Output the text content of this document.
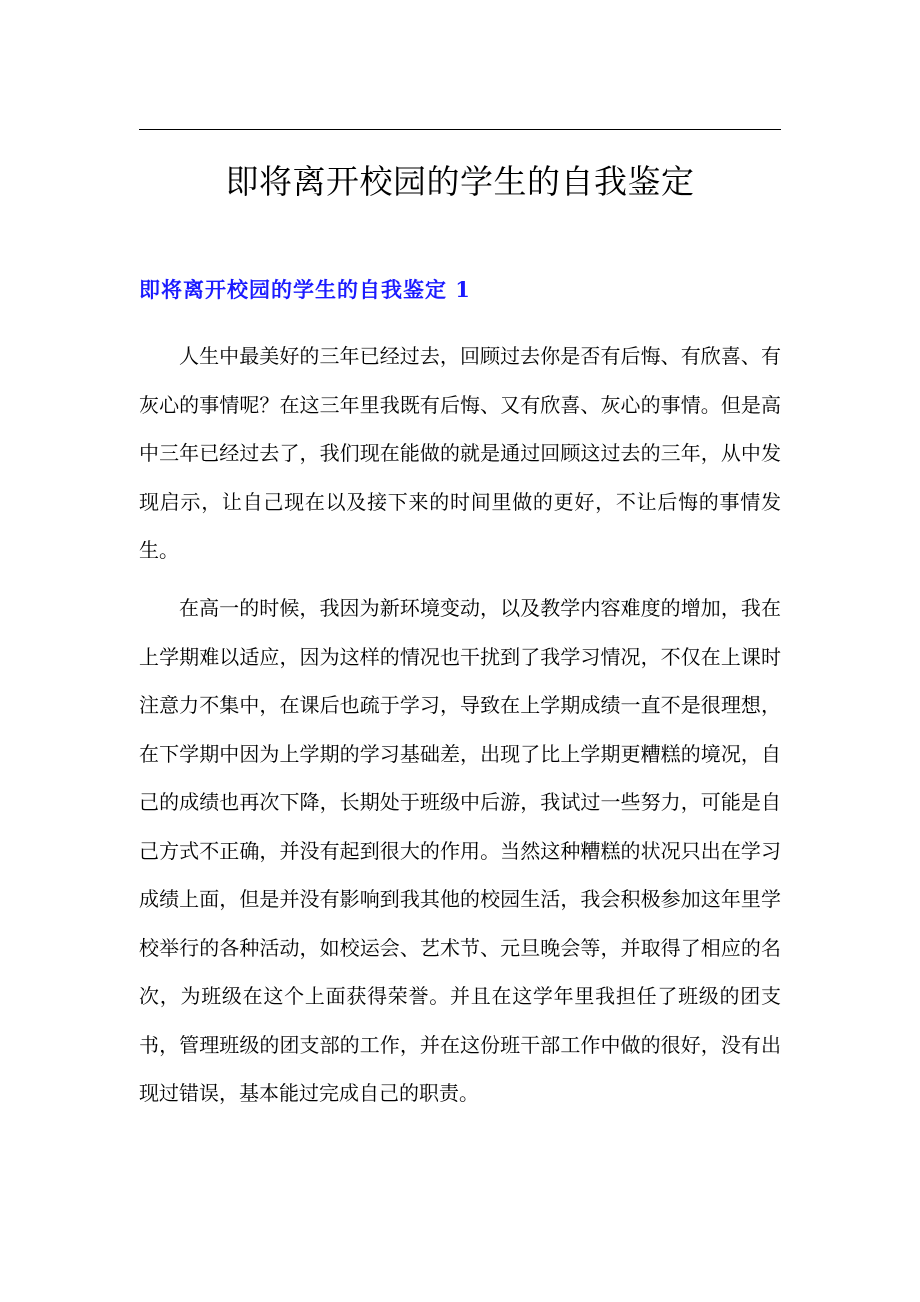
即将离开校园的学生的自我鉴定
即将离开校园的学生的自我鉴定 1

人生中最美好的三年已经过去，回顾过去你是否有后悔、有欣喜、有灰心的事情呢？在这三年里我既有后悔、又有欣喜、灰心的事情。但是高中三年已经过去了，我们现在能做的就是通过回顾这过去的三年，从中发现启示，让自己现在以及接下来的时间里做的更好，不让后悔的事情发生。

在高一的时候，我因为新环境变动，以及教学内容难度的增加，我在上学期难以适应，因为这样的情况也干扰到了我学习情况，不仅在上课时注意力不集中，在课后也疏于学习，导致在上学期成绩一直不是很理想，在下学期中因为上学期的学习基础差，出现了比上学期更糟糕的境况，自己的成绩也再次下降，长期处于班级中后游，我试过一些努力，可能是自己方式不正确，并没有起到很大的作用。当然这种糟糕的状况只出在学习成绩上面，但是并没有影响到我其他的校园生活，我会积极参加这年里学校举行的各种活动，如校运会、艺术节、元旦晚会等，并取得了相应的名次，为班级在这个上面获得荣誉。并且在这学年里我担任了班级的团支书，管理班级的团支部的工作，并在这份班干部工作中做的很好，没有出现过错误，基本能过完成自己的职责。
